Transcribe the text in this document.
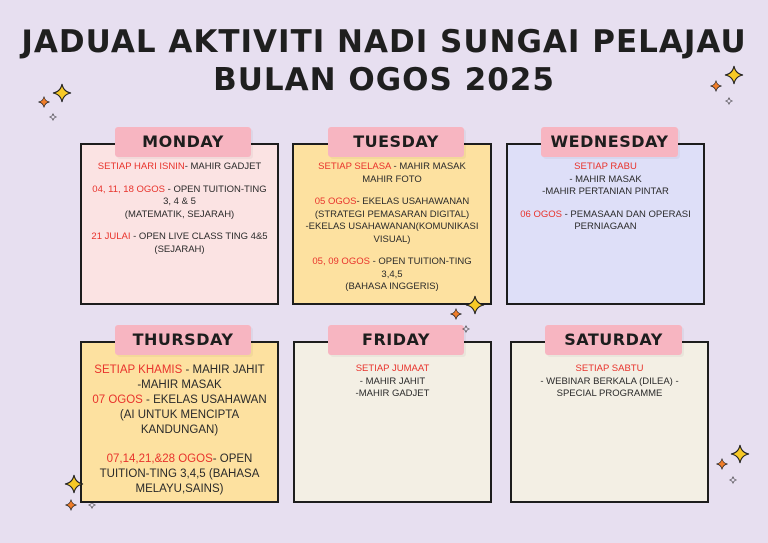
JADUAL AKTIVITI NADI SUNGAI PELAJAU
BULAN OGOS 2025

SETIAP HARI ISNIN- MAHIR GADJET

04, 11, 18 OGOS - OPEN TUITION-TING 3, 4 & 5
(MATEMATIK, SEJARAH)

21 JULAI - OPEN LIVE CLASS TING 4&5
(SEJARAH)

MONDAY

SETIAP SELASA - MAHIR MASAK
MAHIR FOTO

05 OGOS- EKELAS USAHAWANAN
(STRATEGI PEMASARAN DIGITAL)
-EKELAS USAHAWANAN(KOMUNIKASI VISUAL)

05, 09 OGOS - OPEN TUITION-TING 3,4,5
(BAHASA INGGERIS)

TUESDAY

SETIAP RABU
- MAHIR MASAK
-MAHIR PERTANIAN PINTAR

06 OGOS - PEMASAAN DAN OPERASI PERNIAGAAN

WEDNESDAY

SETIAP KHAMIS - MAHIR JAHIT
-MAHIR MASAK

07 OGOS - EKELAS USAHAWAN
(AI UNTUK MENCIPTA KANDUNGAN)

07,14,21,&28 OGOS- OPEN TUITION-TING 3,4,5 (BAHASA MELAYU,SAINS)

THURSDAY

SETIAP JUMAAT
- MAHIR JAHIT
-MAHIR GADJET

FRIDAY

SETIAP SABTU
- WEBINAR BERKALA (DILEA) - SPECIAL PROGRAMME

SATURDAY
